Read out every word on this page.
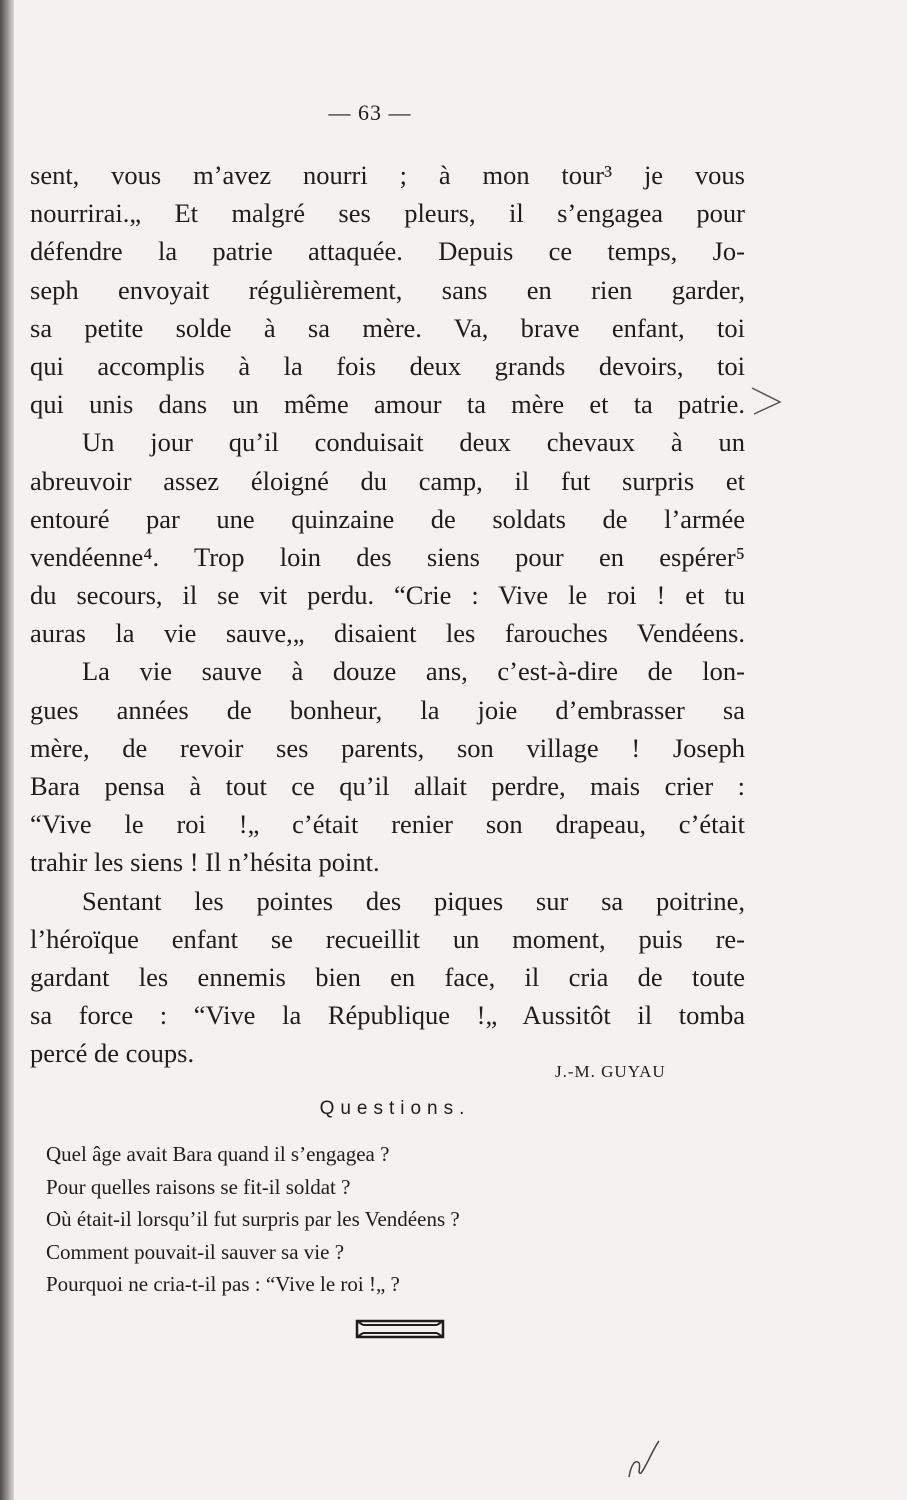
— 63 —
sent, vous m’avez nourri ; à mon tour³ je vous
nourrirai.„ Et malgré ses pleurs, il s’engagea pour
défendre la patrie attaquée. Depuis ce temps, Jo-
seph envoyait régulièrement, sans en rien garder,
sa petite solde à sa mère. Va, brave enfant, toi
qui accomplis à la fois deux grands devoirs, toi
qui unis dans un même amour ta mère et ta patrie.
Un jour qu’il conduisait deux chevaux à un
abreuvoir assez éloigné du camp, il fut surpris et
entouré par une quinzaine de soldats de l’armée
vendéenne⁴. Trop loin des siens pour en espérer⁵
du secours, il se vit perdu. “Crie : Vive le roi ! et tu
auras la vie sauve,„ disaient les farouches Vendéens.
La vie sauve à douze ans, c’est-à-dire de lon-
gues années de bonheur, la joie d’embrasser sa
mère, de revoir ses parents, son village ! Joseph
Bara pensa à tout ce qu’il allait perdre, mais crier :
“Vive le roi !„ c’était renier son drapeau, c’était
trahir les siens ! Il n’hésita point.
Sentant les pointes des piques sur sa poitrine,
l’héroïque enfant se recueillit un moment, puis re-
gardant les ennemis bien en face, il cria de toute
sa force : “Vive la République !„ Aussitôt il tomba
percé de coups.
J.-M. GUYAU
Questions.
Quel âge avait Bara quand il s’engagea ?
Pour quelles raisons se fit-il soldat ?
Où était-il lorsqu’il fut surpris par les Vendéens ?
Comment pouvait-il sauver sa vie ?
Pourquoi ne cria-t-il pas : “Vive le roi !„ ?
